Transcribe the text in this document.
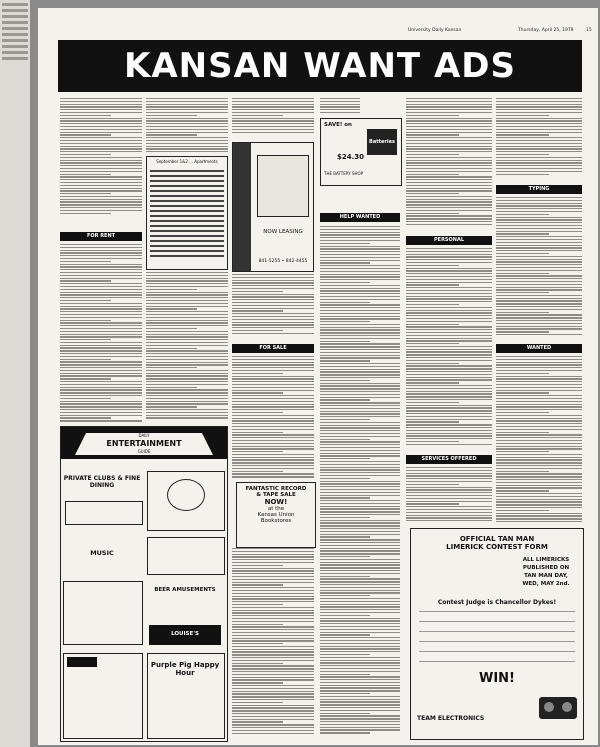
University Daily Kansan	Thursday, April 25, 1979	15
KANSAN WANT ADS
FOR RENT
FOR SALE
HELP WANTED
PERSONAL
SERVICES OFFERED
TYPING
WANTED
September 1&2 ... Apartments
NOW LEASING
841-5255 • 842-4455
SAVE! on
$24.30
Batteries
THE BATTERY SHOP
FANTASTIC RECORD
& TAPE SALE
NOW!
at the
Kansas Union
Bookstores
DAILY
ENTERTAINMENT
GUIDE
PRIVATE CLUBS & FINE DINING
MUSIC
BEER AMUSEMENTS
LOUISE'S
Purple Pig Happy Hour
OFFICIAL TAN MAN
LIMERICK CONTEST FORM
ALL LIMERICKS
PUBLISHED ON
TAN MAN DAY,
WED, MAY 2nd.
Contest Judge is Chancellor Dykes!
WIN!
TEAM ELECTRONICS
